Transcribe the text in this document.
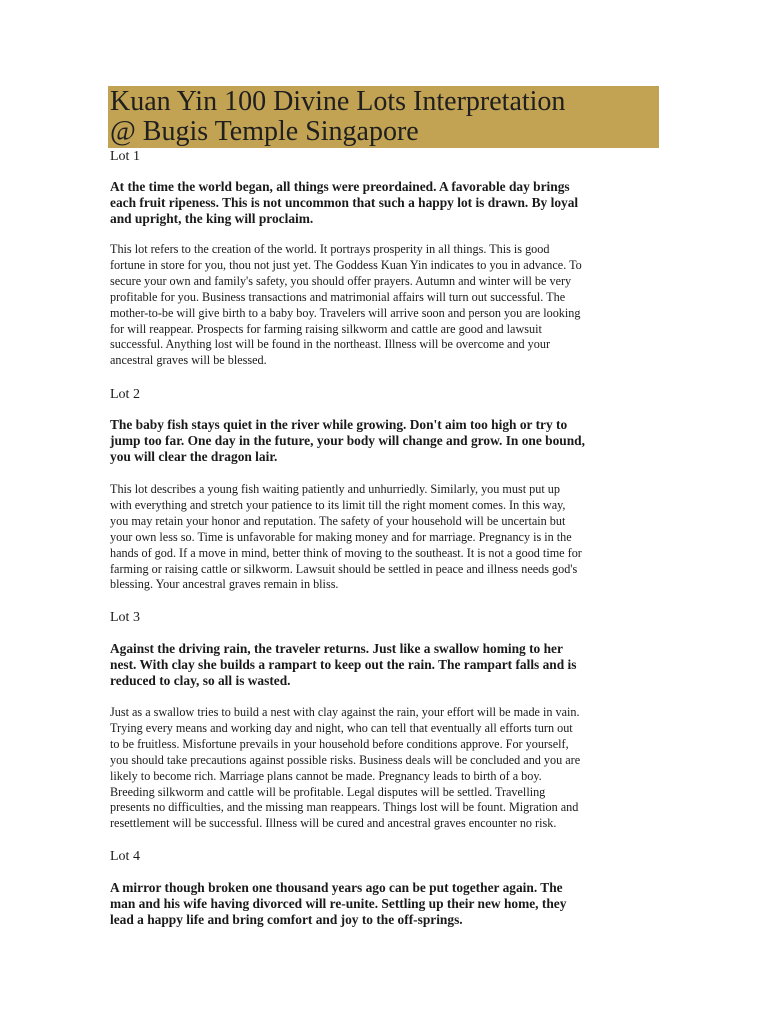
Kuan Yin 100 Divine Lots Interpretation
@ Bugis Temple Singapore
Lot 1
At the time the world began, all things were preordained. A favorable day brings
each fruit ripeness. This is not uncommon that such a happy lot is drawn. By loyal
and upright, the king will proclaim.
This lot refers to the creation of the world. It portrays prosperity in all things. This is good
fortune in store for you, thou not just yet. The Goddess Kuan Yin indicates to you in advance. To
secure your own and family's safety, you should offer prayers. Autumn and winter will be very
profitable for you. Business transactions and matrimonial affairs will turn out successful. The
mother-to-be will give birth to a baby boy. Travelers will arrive soon and person you are looking
for will reappear. Prospects for farming raising silkworm and cattle are good and lawsuit
successful. Anything lost will be found in the northeast. Illness will be overcome and your
ancestral graves will be blessed.
Lot 2
The baby fish stays quiet in the river while growing. Don't aim too high or try to
jump too far. One day in the future, your body will change and grow. In one bound,
you will clear the dragon lair.
This lot describes a young fish waiting patiently and unhurriedly. Similarly, you must put up
with everything and stretch your patience to its limit till the right moment comes. In this way,
you may retain your honor and reputation. The safety of your household will be uncertain but
your own less so. Time is unfavorable for making money and for marriage. Pregnancy is in the
hands of god. If a move in mind, better think of moving to the southeast. It is not a good time for
farming or raising cattle or silkworm. Lawsuit should be settled in peace and illness needs god's
blessing. Your ancestral graves remain in bliss.
Lot 3
Against the driving rain, the traveler returns. Just like a swallow homing to her
nest. With clay she builds a rampart to keep out the rain. The rampart falls and is
reduced to clay, so all is wasted.
Just as a swallow tries to build a nest with clay against the rain, your effort will be made in vain.
Trying every means and working day and night, who can tell that eventually all efforts turn out
to be fruitless. Misfortune prevails in your household before conditions approve. For yourself,
you should take precautions against possible risks. Business deals will be concluded and you are
likely to become rich. Marriage plans cannot be made. Pregnancy leads to birth of a boy.
Breeding silkworm and cattle will be profitable. Legal disputes will be settled. Travelling
presents no difficulties, and the missing man reappears. Things lost will be fount. Migration and
resettlement will be successful. Illness will be cured and ancestral graves encounter no risk.
Lot 4
A mirror though broken one thousand years ago can be put together again. The
man and his wife having divorced will re-unite. Settling up their new home, they
lead a happy life and bring comfort and joy to the off-springs.
